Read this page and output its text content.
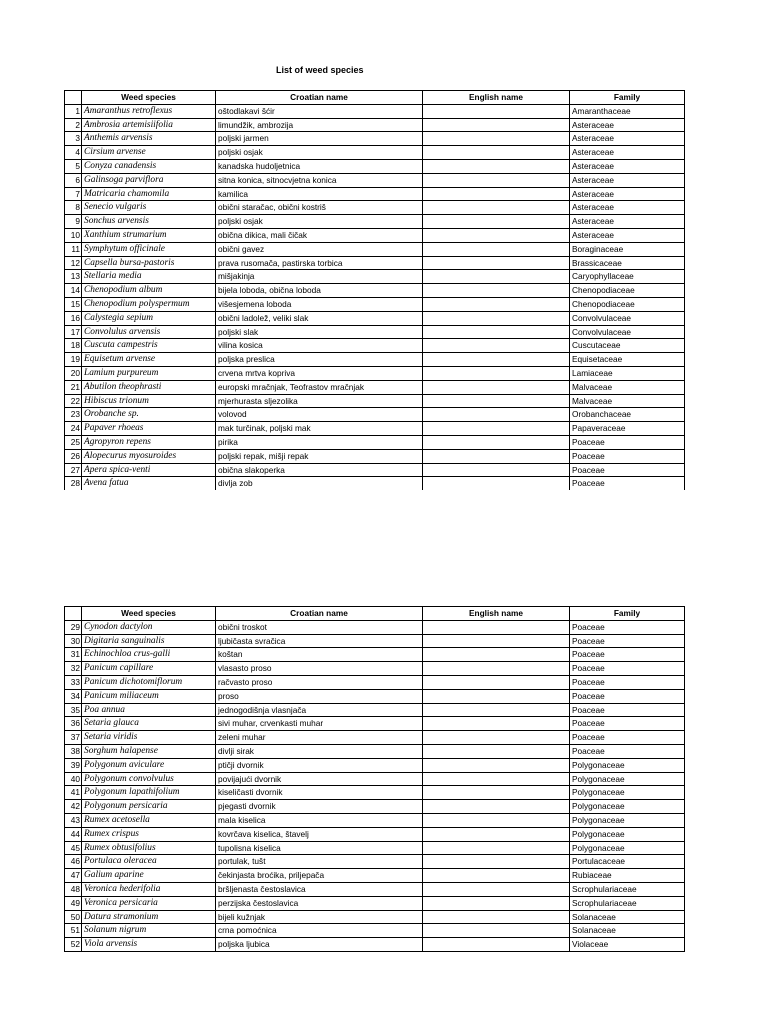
List of weed species
	Weed species	Croatian name	English name	Family
1	Amaranthus retroflexus	oštodlakavi šćir		Amaranthaceae
2	Ambrosia artemisiifolia	limundžik, ambrozija		Asteraceae
3	Anthemis arvensis	poljski jarmen		Asteraceae
4	Cirsium arvense	poljski osjak		Asteraceae
5	Conyza canadensis	kanadska hudoljetnica		Asteraceae
6	Galinsoga parviflora	sitna konica, sitnocvjetna konica		Asteraceae
7	Matricaria chamomila	kamilica		Asteraceae
8	Senecio vulgaris	obični staračac, obični kostriš		Asteraceae
9	Sonchus arvensis	poljski osjak		Asteraceae
10	Xanthium strumarium	obična dikica, mali čičak		Asteraceae
11	Symphytum officinale	obični gavez		Boraginaceae
12	Capsella bursa-pastoris	prava rusomača, pastirska torbica		Brassicaceae
13	Stellaria media	mišjakinja		Caryophyllaceae
14	Chenopodium album	bijela loboda, obična loboda		Chenopodiaceae
15	Chenopodium polyspermum	višesjemena loboda		Chenopodiaceae
16	Calystegia sepium	obični ladolež, veliki slak		Convolvulaceae
17	Convolulus arvensis	poljski slak		Convolvulaceae
18	Cuscuta campestris	vilina kosica		Cuscutaceae
19	Equisetum arvense	poljska preslica		Equisetaceae
20	Lamium purpureum	crvena mrtva kopriva		Lamiaceae
21	Abutilon theophrasti	europski mračnjak, Teofrastov mračnjak		Malvaceae
22	Hibiscus trionum	mjerhurasta sljezolika		Malvaceae
23	Orobanche sp.	volovod		Orobanchaceae
24	Papaver rhoeas	mak turčinak, poljski mak		Papaveraceae
25	Agropyron repens	pirika		Poaceae
26	Alopecurus myosuroides	poljski repak, mišji repak		Poaceae
27	Apera spica-venti	obična slakoperka		Poaceae
28	Avena fatua	divlja zob		Poaceae
	Weed species	Croatian name	English name	Family
29	Cynodon dactylon	obični troskot		Poaceae
30	Digitaria sanguinalis	ljubičasta svračica		Poaceae
31	Echinochloa crus-galli	koštan		Poaceae
32	Panicum capillare	vlasasto proso		Poaceae
33	Panicum dichotomiflorum	račvasto proso		Poaceae
34	Panicum miliaceum	proso		Poaceae
35	Poa annua	jednogodišnja vlasnjača		Poaceae
36	Setaria glauca	sivi muhar, crvenkasti muhar		Poaceae
37	Setaria viridis	zeleni muhar		Poaceae
38	Sorghum halapense	divlji sirak		Poaceae
39	Polygonum aviculare	ptičji dvornik		Polygonaceae
40	Polygonum convolvulus	povijajući dvornik		Polygonaceae
41	Polygonum lapathifolium	kiseličasti dvornik		Polygonaceae
42	Polygonum persicaria	pjegasti dvornik		Polygonaceae
43	Rumex acetosella	mala kiselica		Polygonaceae
44	Rumex crispus	kovrčava kiselica, štavelj		Polygonaceae
45	Rumex obtusifolius	tupolisna kiselica		Polygonaceae
46	Portulaca oleracea	portulak, tušt		Portulacaceae
47	Galium aparine	čekinjasta broćika, priljepača		Rubiaceae
48	Veronica hederifolia	bršljenasta čestoslavica		Scrophulariaceae
49	Veronica persicaria	perzijska čestoslavica		Scrophulariaceae
50	Datura stramonium	bijeli kužnjak		Solanaceae
51	Solanum nigrum	crna pomoćnica		Solanaceae
52	Viola arvensis	poljska ljubica		Violaceae
